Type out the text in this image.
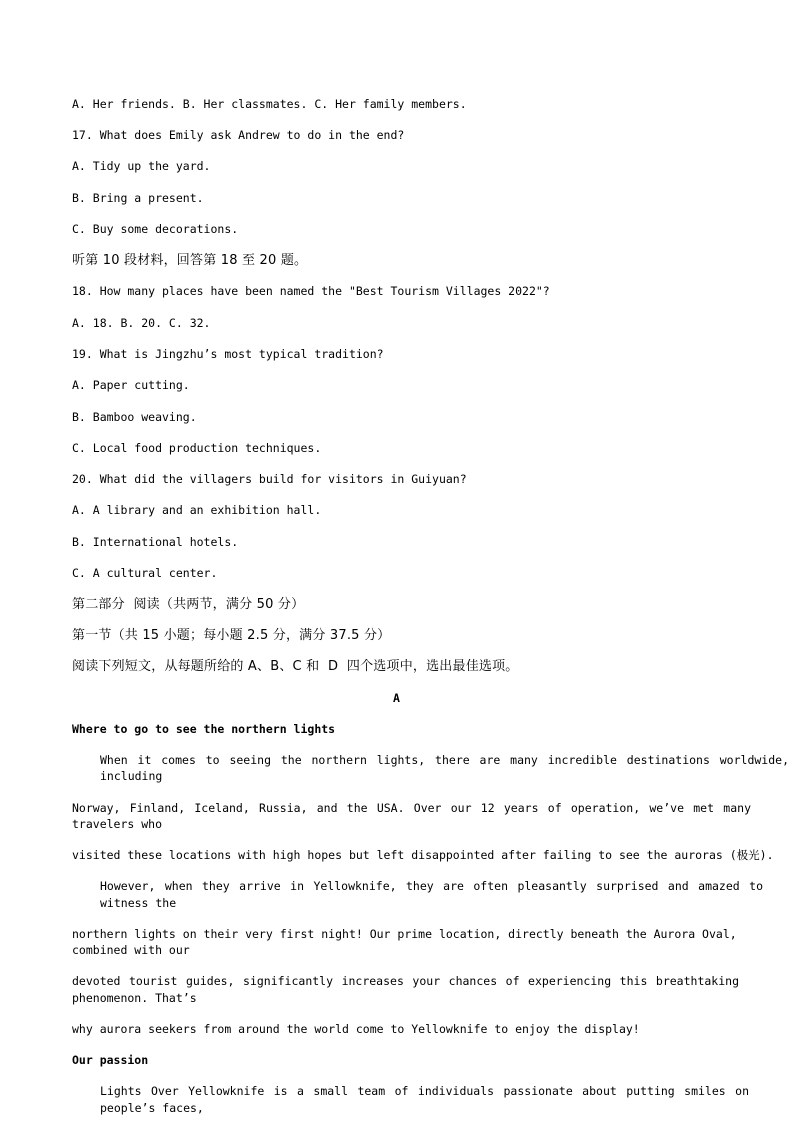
A. Her friends. B. Her classmates. C. Her family members.
17. What does Emily ask Andrew to do in the end?
A. Tidy up the yard.
B. Bring a present.
C. Buy some decorations.
听第 10 段材料，回答第 18 至 20 题。
18. How many places have been named the "Best Tourism Villages 2022"?
A. 18. B. 20. C. 32.
19. What is Jingzhu’s most typical tradition?
A. Paper cutting.
B. Bamboo weaving.
C. Local food production techniques.
20. What did the villagers build for visitors in Guiyuan?
A. A library and an exhibition hall.
B. International hotels.
C. A cultural center.
第二部分  阅读（共两节，满分 50 分）
第一节（共 15 小题；每小题 2.5 分，满分 37.5 分）
阅读下列短文，从每题所给的 A、B、C 和  D  四个选项中，选出最佳选项。
A
Where to go to see the northern lights
When it comes to seeing the northern lights, there are many incredible destinations worldwide,
including
Norway, Finland, Iceland, Russia, and the USA. Over our 12 years of operation, we’ve met many
travelers who
visited these locations with high hopes but left disappointed after failing to see the auroras (极光).
However, when they arrive in Yellowknife, they are often pleasantly surprised and amazed to
witness the
northern lights on their very first night! Our prime location, directly beneath the Aurora Oval,
combined with our
devoted tourist guides, significantly increases your chances of experiencing this breathtaking
phenomenon. That’s
why aurora seekers from around the world come to Yellowknife to enjoy the display!
Our passion
Lights Over Yellowknife is a small team of individuals passionate about putting smiles on
people’s faces,
